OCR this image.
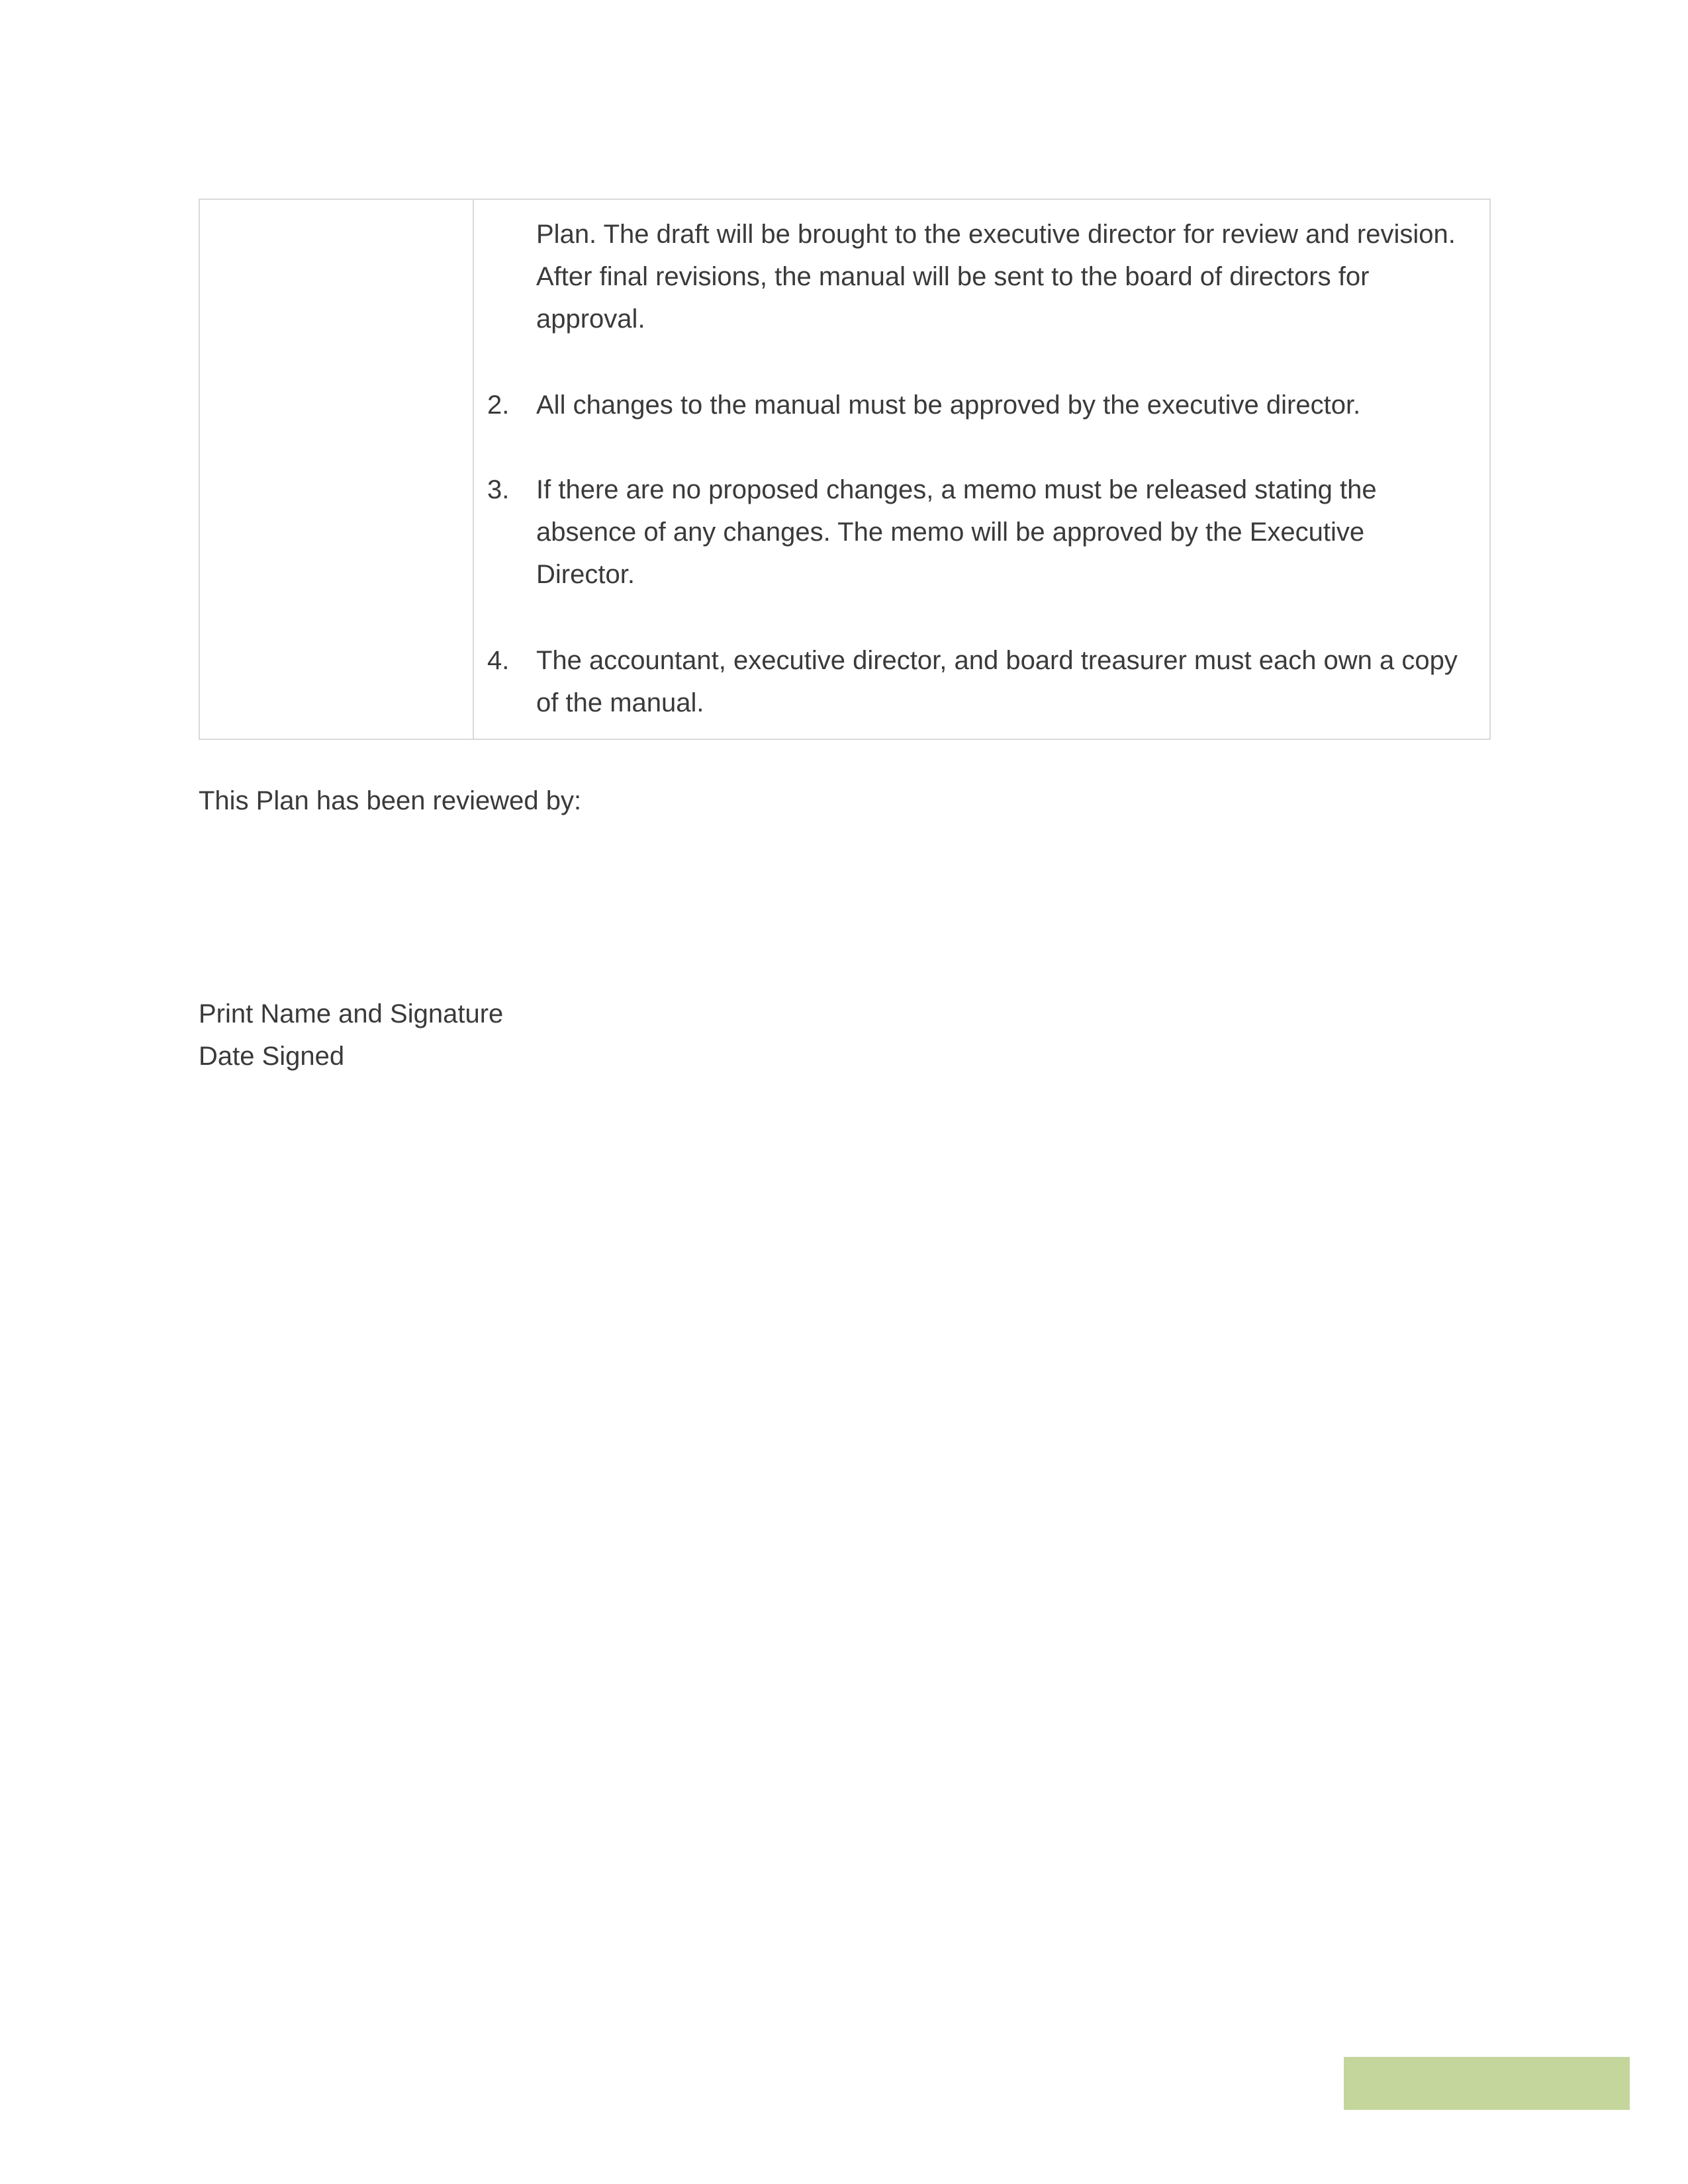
Plan. The draft will be brought to the executive director for review and revision. After final revisions, the manual will be sent to the board of directors for approval.
2.	All changes to the manual must be approved by the executive director.
3.	If there are no proposed changes, a memo must be released stating the absence of any changes. The memo will be approved by the Executive Director.
4.	The accountant, executive director, and board treasurer must each own a copy of the manual.
This Plan has been reviewed by:
Print Name and Signature
Date Signed
